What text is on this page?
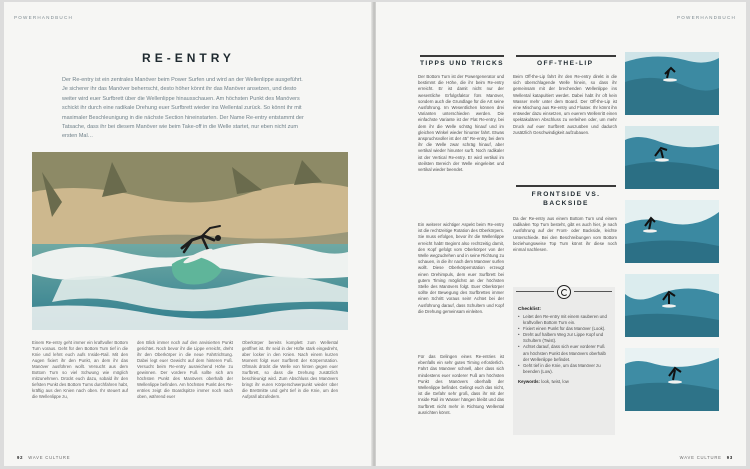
POWERHANDBUCH
RE-ENTRY
Der Re-entry ist ein zentrales Manöver beim Power Surfen und wird an der Wellenlippe ausgeführt. Je sicherer ihr das Manöver beherrscht, desto höher könnt ihr das Manöver ansetzen, und desto weiter wird euer Surfbrett über die Wellenlippe hinausschauen. Am höchsten Punkt des Manövers schickt ihr durch eine radikale Drehung euer Surfbrett wieder ins Wellental zurück. So könnt ihr mit maximaler Beschleunigung in die nächste Section hineinstarten. Der Name Re-entry entstammt der Tatsache, dass ihr bei diesem Manöver wie beim Take-off in die Welle startet, nur eben nicht zum ersten Mal…
Einem Re-entry geht immer ein kraftvoller Bottom Turn voraus. Geht für den Bottom Turn tief in die Knie und lehnt euch aufs Inside-Rail. Mit den Augen fixiert ihr den Punkt, an dem ihr das Manöver ausführen wollt. Versucht aus dem Bottom Turn so viel Schwung wie möglich mitzunehmen. Drückt euch dazu, sobald ihr den tiefsten Punkt des Bottom Turns durchfahren habt, kräftig aus den Knien nach oben. Ihr steuert auf die Wellenlippe zu,
den Blick immer noch auf den anvisierten Punkt gerichtet. Noch bevor ihr die Lippe erreicht, dreht ihr den Oberkörper in die neue Fahrtrichtung. Dabei legt euer Gewicht auf dem hinteren Fuß. Versucht beim Re-entry ausreichend Höhe zu gewinnen. Der vordere Fuß sollte sich am höchsten Punkt des Manövers oberhalb der Wellenlippe befinden. Am höchsten Punkt des Re-entries zeigt die Boardspitze immer noch nach oben, während euer
Oberkörper bereits komplett zum Wellental geöffnet ist. Ihr seid in der Hüfte stark eingedreht, aber locker in den Knien. Nach einem kurzen Moment folgt euer Surfbrett der Körperrotation. Oftmals drückt die Welle von hinten gegen euer Surfbrett, so dass die Drehung zusätzlich beschleunigt wird. Zum Abschluss des Manövers bringt ihr euren Körperschwerpunkt wieder über die Brettmitte und geht tief in die Knie, um den Aufprall abzufedern.
92 WAVE CULTURE
POWERHANDBUCH
TIPPS UND TRICKS
Der Bottom Turn ist der Powergenerator und bestimmt die Höhe, die ihr beim Re-entry erreicht. Er ist damit nicht nur der wesentliche Erfolgsfaktor fürs Manöver, sondern auch die Grundlage für die Art seine Ausführung. Im Wesentlichen können drei Varianten unterschieden werden. Die einfachste Variante ist der Flat Re-entry, bei dem ihr die Welle schräg hinauf und im gleichen Winkel wieder hinunter fahrt. Etwas anspruchsvoller ist der 45° Re-entry, bei dem ihr die Welle zwar schräg hinauf, aber vertikal wieder hinunter surft. Noch radikaler ist der Vertical Re-entry. Er wird vertikal im steilsten Bereich der Welle eingeleitet und vertikal wieder beendet.
Ein weiterer wichtiger Aspekt beim Re-entry ist die rechtzeitige Rotation des Oberkörpers. Sie muss erfolgen, bevor ihr die Wellenlippe erreicht habt! Beginnt also rechtzeitig damit, den Kopf gefolgt vom Oberkörper von der Welle wegzudrehen und in seine Richtung zu schauen, in die ihr nach dem Manöver surfen wollt. Diese Oberkörperrotation erzeugt einen Drehimpuls, dem euer Surfbrett bei gutem Timing möglichst an der höchsten Stelle des Manövers folgt. Euer Oberkörper sollte der Bewegung des Surfbrettes immer einen Schritt voraus sein! Achtet bei der Ausführung darauf, dass Schultern und Kopf die Drehung gemeinsam einleiten.
Für das Gelingen eines Re-entries ist ebenfalls ein sehr gutes Timing erforderlich. Fahrt das Manöver schnell, aber dass sich mindestens euer vorderer Fuß am höchsten Punkt des Manövers oberhalb der Wellenlippe befindet. Gelingt euch das nicht, ist die Gefahr sehr groß, dass ihr mit der Inside Rail im Wasser hängen bleibt und das Surfbrett nicht mehr in Richtung Wellental ausrichten könnt.
OFF-THE-LIP
Beim Off-the-Lip fahrt ihr den Re-entry direkt in die sich überschlagende Welle hinein, so dass ihr gemeinsam mit der brechenden Wellenlippe ins Wellental katapultiert werdet. Dabei habt ihr oft kein Wasser mehr unter dem Board. Der Off-the-Lip ist eine Mischung aus Re-entry und Floater. Ihr könnt ihn entweder dazu einsetzen, um euerem Wellenritt einen spektakulären Abschluss zu verleihen oder, um mehr Druck auf euer Surfbrett auszuüben und dadurch zusätzlich Geschwindigkeit aufzubauen.
FRONTSIDE VS. BACKSIDE
Da der Re-entry aus einem Bottom Turn und einem radikalen Top Turn besteht, gibt es auch hier, je nach Ausführung auf der Front- oder Backside, leichte Unterschiede. Bei den Beschreibungen vom Bottom beziehungsweise Top Turn könnt ihr diese noch einmal nachlesen.
Checklist:
• Leitet den Re-entry mit einem sauberen und kraftvollen Bottom Turn ein.
• Fixiert einen Punkt für das Manöver (Look).
• Dreht auf halbem Weg zur Lippe Kopf und Schultern (Twist).
• Achtet darauf, dass sich euer vorderer Fuß am höchsten Punkt des Manövers oberhalb der Wellenlippe befindet.
• Geht tief in die Knie, um das Manöver zu beenden (Low).
Keywords: look, twist, low
WAVE CULTURE 93
